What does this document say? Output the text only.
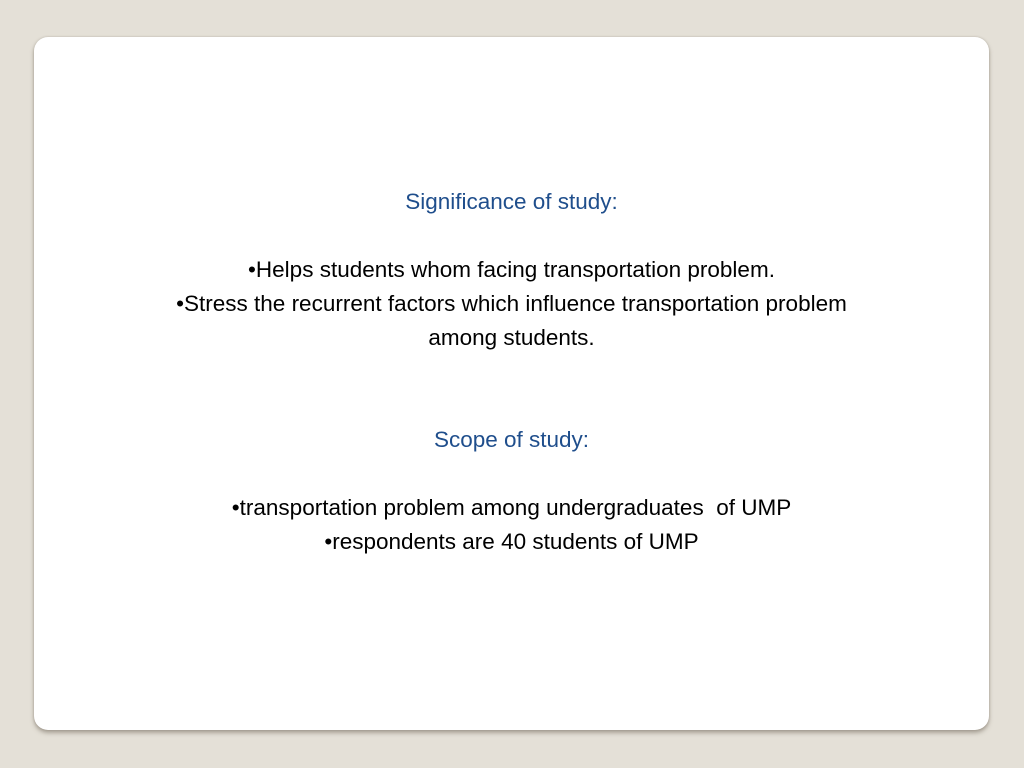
Significance of study:

•Helps students whom facing transportation problem.

•Stress the recurrent factors which influence transportation problem

among students.

Scope of study:

•transportation problem among undergraduates  of UMP

•respondents are 40 students of UMP
